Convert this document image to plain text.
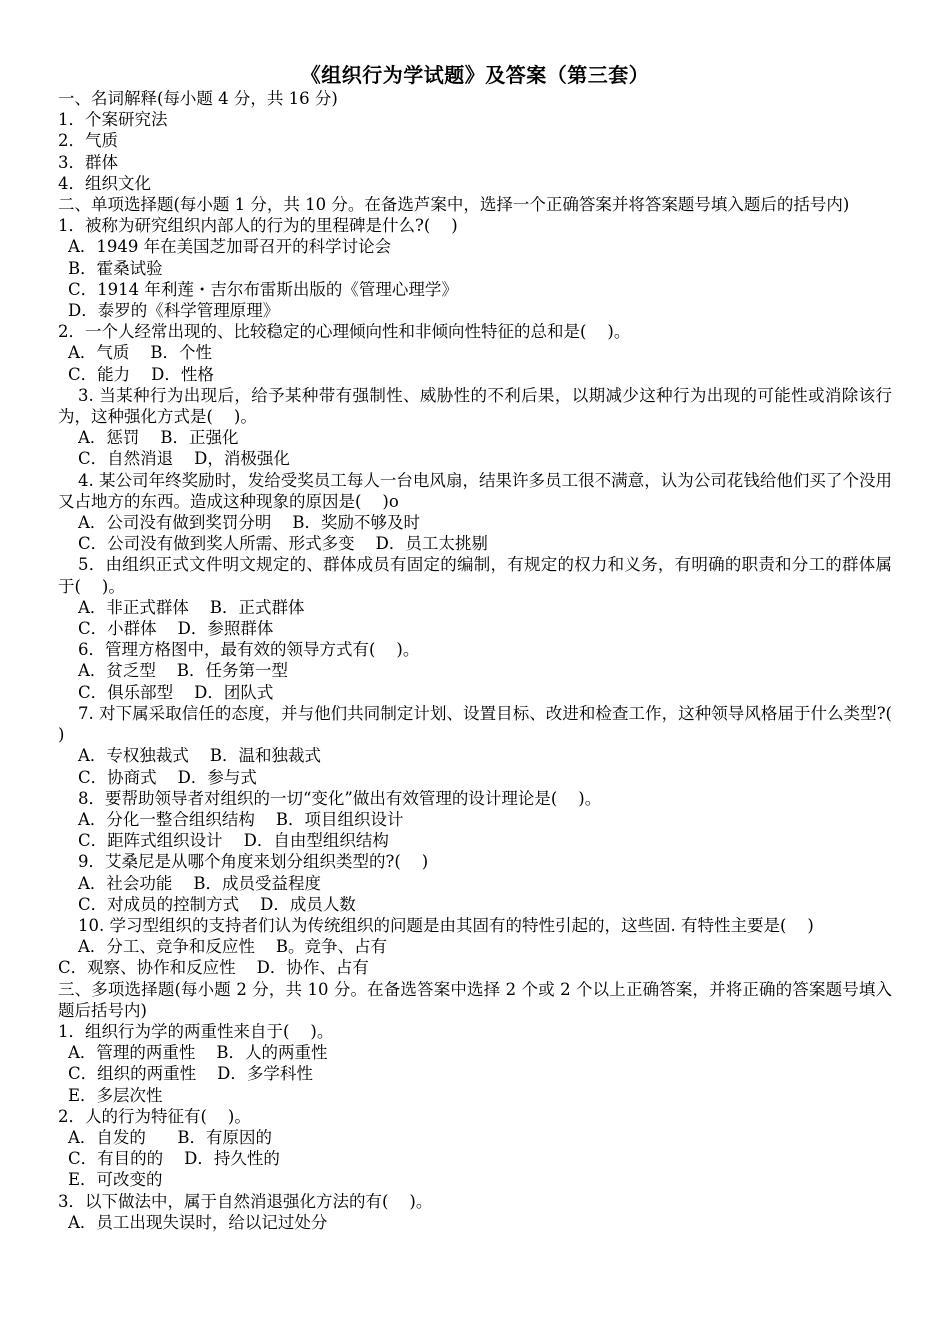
《组织行为学试题》及答案（第三套）

一、名词解释(每小题 4 分，共 16 分)

1．个案研究法

2．气质

3．群体

4．组织文化

二、单项选择题(每小题 1 分，共 10 分。在备选芦案中，选择一个正确答案并将答案题号填入题后的括号内)

1．被称为研究组织内部人的行为的里程碑是什么?(    )

A．1949 年在美国芝加哥召开的科学讨论会

B．霍桑试验

C．1914 年利莲・吉尔布雷斯出版的《管理心理学》

D．泰罗的《科学管理原理》

2．一个人经常出现的、比较稳定的心理倾向性和非倾向性特征的总和是(    )。

A．气质    B．个性

C．能力    D．性格

3. 当某种行为出现后，给予某种带有强制性、威胁性的不利后果，以期减少这种行为出现的可能性或消除该行为，这种强化方式是(    )。

A．惩罚    B．正强化

C．自然消退    D，消极强化

4. 某公司年终奖励时，发给受奖员工每人一台电风扇，结果许多员工很不满意，认为公司花钱给他们买了个没用又占地方的东西。造成这种现象的原因是(    )o

A．公司没有做到奖罚分明    B．奖励不够及时

C．公司没有做到奖人所需、形式多变    D．员工太挑剔

5．由组织正式文件明文规定的、群体成员有固定的编制，有规定的权力和义务，有明确的职责和分工的群体属于(    )。

A．非正式群体    B．正式群体

C．小群体    D．参照群体

6．管理方格图中，最有效的领导方式有(    )。

A．贫乏型    B．任务第一型

C．俱乐部型    D．团队式

7. 对下属采取信任的态度，并与他们共同制定计划、设置目标、改进和检查工作，这种领导风格届于什么类型?(    )

A．专权独裁式    B．温和独裁式

C．协商式    D．参与式

8．要帮助领导者对组织的一切“变化”做出有效管理的设计理论是(    )。

A．分化一整合组织结构    B．项目组织设计

C．距阵式组织设计    D．自由型组织结构

9．艾桑尼是从哪个角度来划分组织类型的?(    )

A．社会功能    B．成员受益程度

C．对成员的控制方式    D．成员人数

10. 学习型组织的支持者们认为传统组织的问题是由其固有的特性引起的，这些固. 有特性主要是(    )

A．分工、竞争和反应性    B。竞争、占有

C．观察、协作和反应性    D．协作、占有

三、多项选择题(每小题 2 分，共 10 分。在备选答案中选择 2 个或 2 个以上正确答案，并将正确的答案题号填入题后括号内)

1．组织行为学的两重性来自于(    )。

A．管理的两重性    B．人的两重性

C．组织的两重性    D．多学科性

E．多层次性

2．人的行为特征有(    )。

A．自发的      B．有原因的

C．有目的的    D．持久性的

E．可改变的

3．以下做法中，属于自然消退强化方法的有(    )。

A．员工出现失误时，给以记过处分
